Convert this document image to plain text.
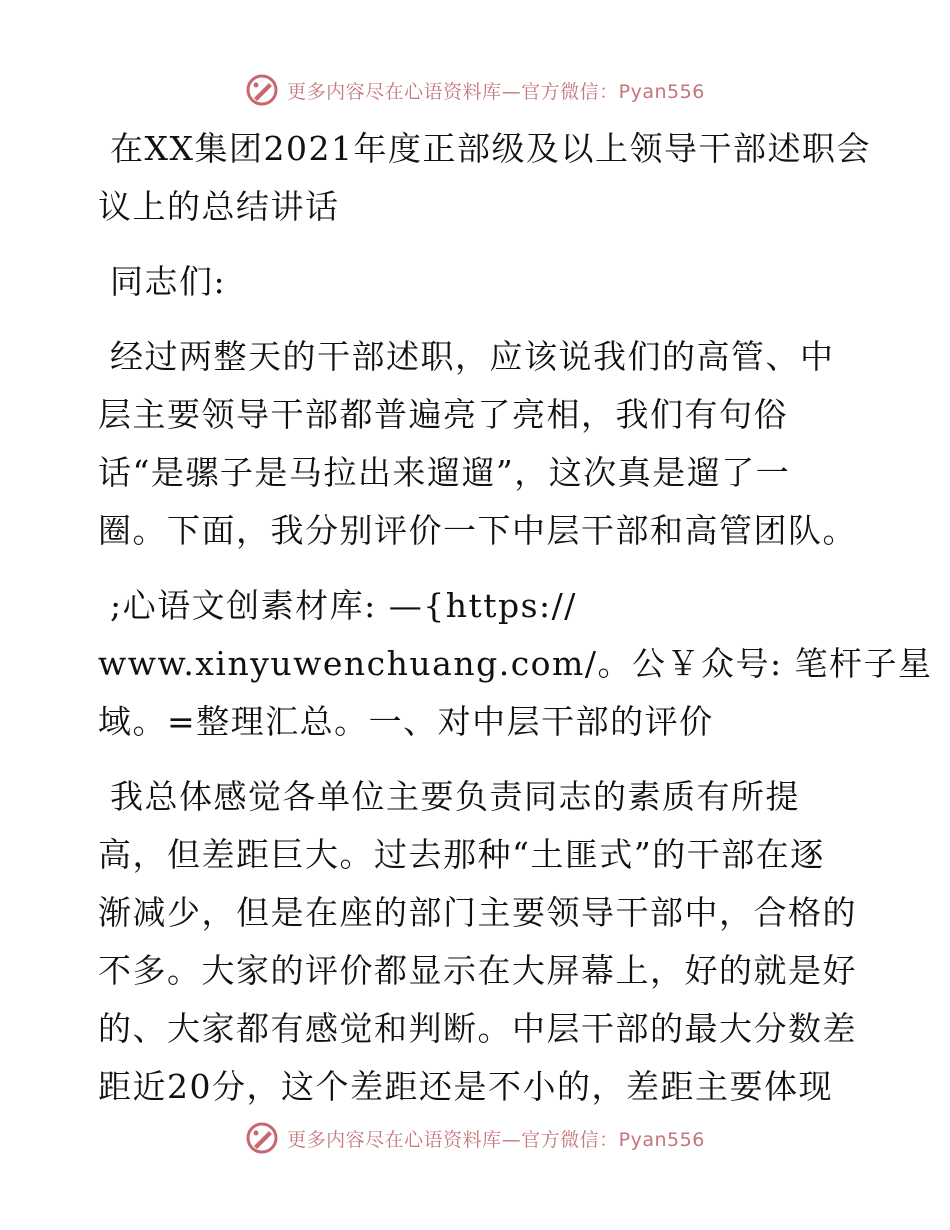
更多内容尽在心语资料库—官方微信：Pyan556
在XX集团2021年度正部级及以上领导干部述职会
议上的总结讲话
同志们:
经过两整天的干部述职，应该说我们的高管、中
层主要领导干部都普遍亮了亮相，我们有句俗
话“是骡子是马拉出来遛遛”，这次真是遛了一
圈。下面，我分别评价一下中层干部和高管团队。
;心语文创素材库: —{https://
www.xinyuwenchuang.com/。公￥众号: 笔杆子星
域。=整理汇总。一、对中层干部的评价
我总体感觉各单位主要负责同志的素质有所提
高，但差距巨大。过去那种“土匪式”的干部在逐
渐减少，但是在座的部门主要领导干部中，合格的
不多。大家的评价都显示在大屏幕上，好的就是好
的、大家都有感觉和判断。中层干部的最大分数差
距近20分，这个差距还是不小的，差距主要体现
更多内容尽在心语资料库—官方微信：Pyan556
